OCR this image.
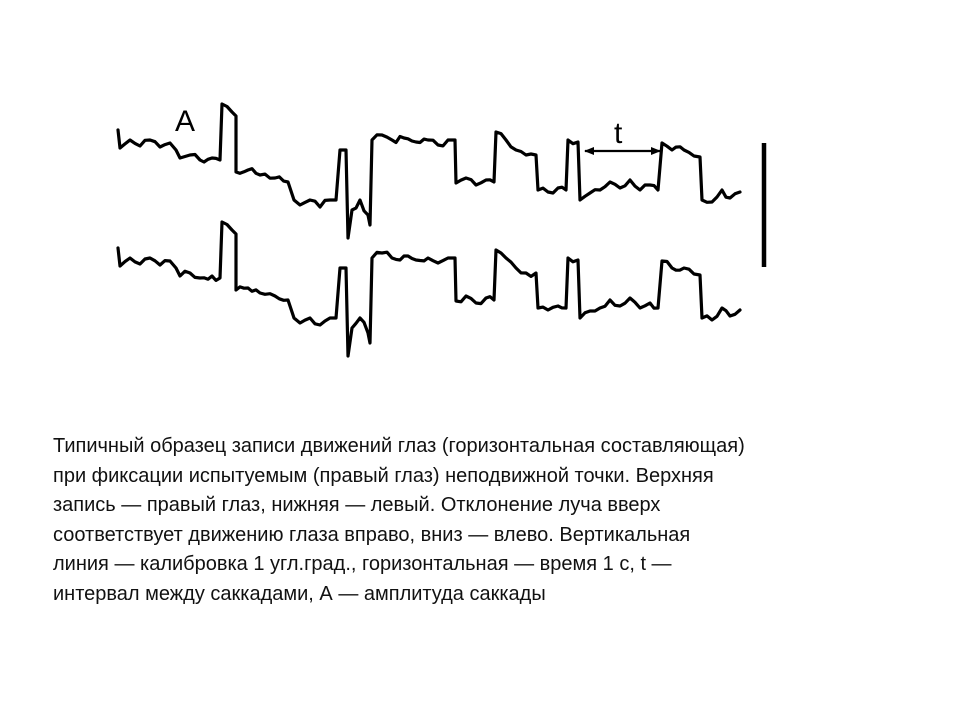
A	t
Типичный образец записи движений глаз (горизонтальная составляющая)
при фиксации испытуемым (правый глаз) неподвижной точки. Верхняя
запись — правый глаз, нижняя — левый. Отклонение луча вверх
соответствует движению глаза вправо, вниз — влево. Вертикальная
линия — калибровка 1 угл.град., горизонтальная — время 1 с, t —
интервал между саккадами, А — амплитуда саккады
